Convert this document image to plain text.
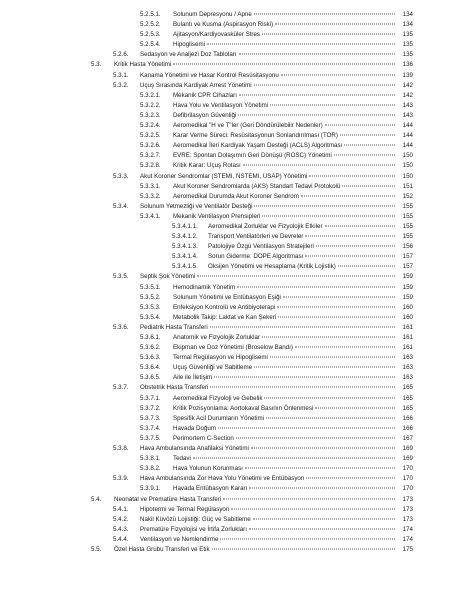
5.2.5.1. Solunum Depresyonu / Apne	134
5.2.5.2. Bulantı ve Kusma (Aspirasyon Riski)	134
5.2.5.3. Ajitasyon/Kardiyovasküler Stres	135
5.2.5.4. Hipoglisemi	135
5.2.6. Sedasyon ve Analjezi Doz Tabloları	135
5.3. Kritik Hasta Yönetimi	136
5.3.1. Kanama Yönetimi ve Hasar Kontrol Resüsitasyonu	139
5.3.2. Uçuş Sırasında Kardiyak Arrest Yönetimi	142
5.3.2.1. Mekanik CPR Cihazları	142
5.3.2.2. Hava Yolu ve Ventilasyon Yönetimi	143
5.3.2.3. Defibrilasyon Güvenliği	143
5.3.2.4. Aeromedikal "H ve T"ler (Geri Döndürülebilir Nedenler)	144
5.3.2.5. Karar Verme Süreci: Resüsitasyonun Sonlandırılması (TOR)	144
5.3.2.6. Aeromedikal İleri Kardiyak Yaşam Desteği (ACLS) Algoritması	144
5.3.2.7. EVRE: Spontan Dolaşımın Geri Dönüşü (ROSC) Yönetimi	150
5.3.2.8. Kritik Karar: Uçuş Rotası	150
5.3.3. Akut Koroner Sendromlar (STEMI, NSTEMI, USAP) Yönetimi	150
5.3.3.1. Akut Koroner Sendromlarda (AKS) Standart Tedavi Protokolü	151
5.3.3.2. Aeromedikal Durumda Akut Koroner Sendrom	152
5.3.4. Solunum Yetmezliği ve Ventilatör Desteği	155
5.3.4.1. Mekanik Ventilasyon Prensipleri	155
5.3.4.1.1. Aeromedikal Zorluklar ve Fizyolojik Etkiler	155
5.3.4.1.2. Transport Ventilatörleri ve Devreler	155
5.3.4.1.3. Patolojiye Özgü Ventilasyon Stratejileri	156
5.3.4.1.4. Sorun Giderme: DOPE Algoritması	157
5.3.4.1.5. Oksijen Yönetimi ve Hesaplama (Kritik Lojistik)	157
5.3.5. Septik Şok Yönetimi	159
5.3.5.1. Hemodinamik Yönetim	159
5.3.5.2. Solunum Yönetimi ve Entübasyon Eşiği	159
5.3.5.3. Enfeksiyon Kontrolü ve Antibiyoterapi	160
5.3.5.4. Metabolik Takip: Laktat ve Kan Şekeri	160
5.3.6. Pediatrik Hasta Transferi	161
5.3.6.1. Anatomik ve Fizyolojik Zorluklar	161
5.3.6.2. Ekipman ve Doz Yönetimi (Broselow Bandı)	161
5.3.6.3. Termal Regülasyon ve Hipoglisemi	163
5.3.6.4. Uçuş Güvenliği ve Sabitleme	163
5.3.6.5. Aile ile İletişim	163
5.3.7. Obstetrik Hasta Transferi	165
5.3.7.1. Aeromedikal Fizyoloji ve Gebelik	165
5.3.7.2. Kritik Pozisyonlama: Aortokaval Basının Önlenmesi	165
5.3.7.3. Spesifik Acil Durumların Yönetimi	166
5.3.7.4. Havada Doğum	166
5.3.7.5. Perimortem C-Section	167
5.3.8. Hava Ambulansında Anafilaksi Yönetimi	169
5.3.8.1. Tedavi	169
5.3.8.2. Hava Yolunun Korunması	170
5.3.9. Hava Ambulansında Zor Hava Yolu Yönetimi ve Entübasyon	170
5.3.9.1. Havada Entübasyon Kararı	170
5.4. Neonatal ve Prematüre Hasta Transferi	173
5.4.1. Hipotermi ve Termal Regülasyon	173
5.4.2. Nakil Küvözü Lojistiği: Güç ve Sabitleme	173
5.4.3. Prematüre Fizyolojisi ve İrtifa Zorlukları	174
5.4.4. Ventilasyon ve Nemlendirme	174
5.5. Özel Hasta Grubu Transferi ve Etik	175
